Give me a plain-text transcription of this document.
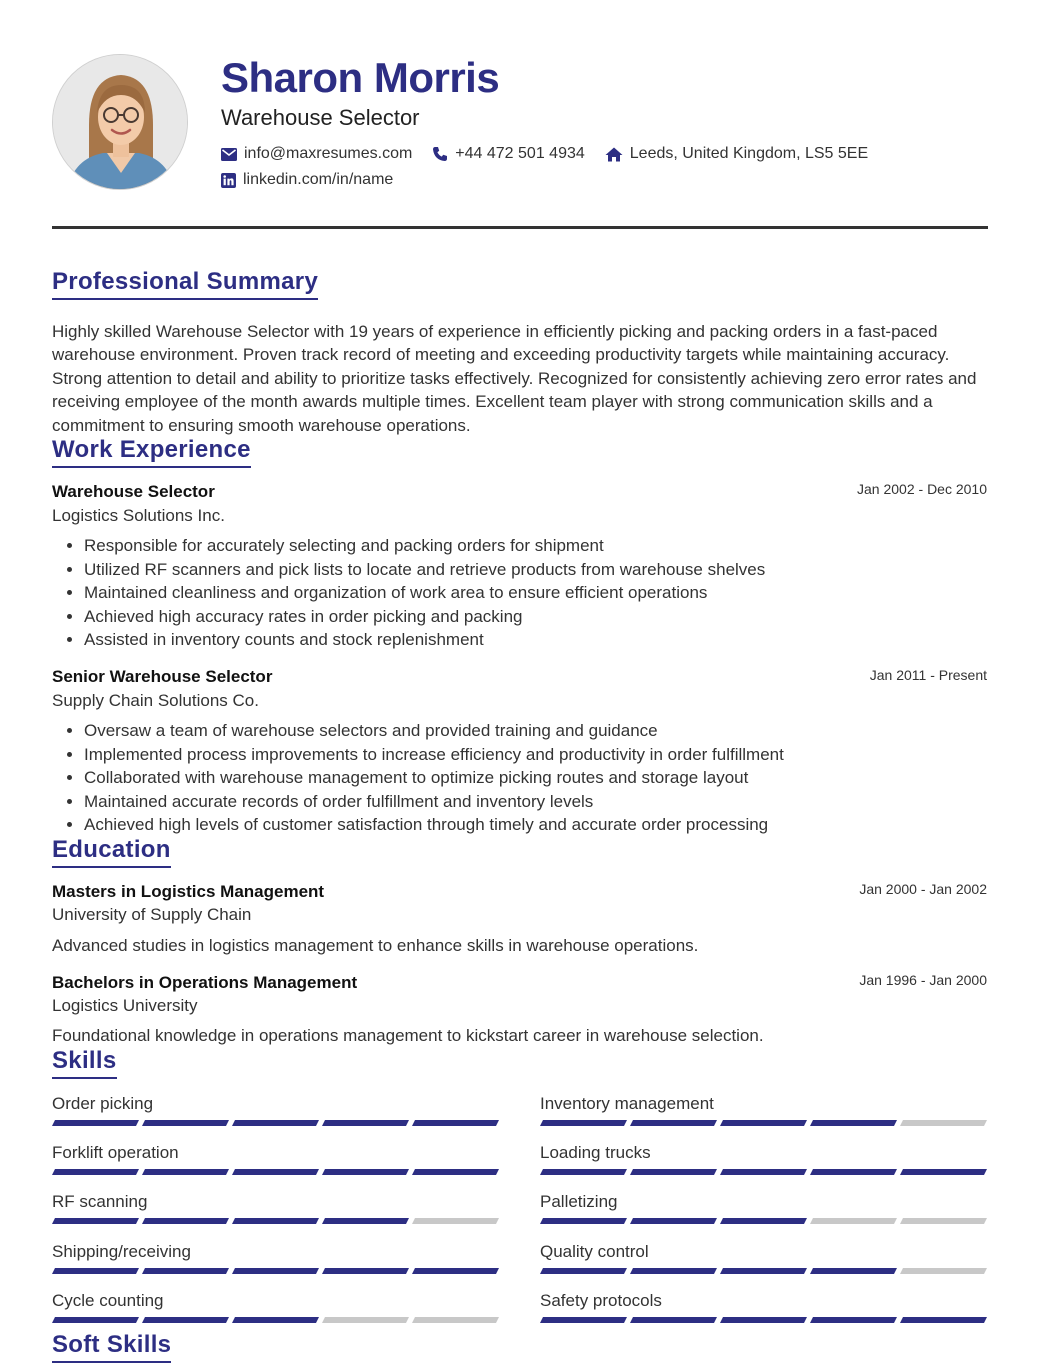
Sharon Morris

Warehouse Selector

info@maxresumes.com	+44 472 501 4934	Leeds, United Kingdom, LS5 5EE
linkedin.com/in/name
Professional Summary

Highly skilled Warehouse Selector with 19 years of experience in efficiently picking and packing orders in a fast-paced warehouse environment. Proven track record of meeting and exceeding productivity targets while maintaining accuracy. Strong attention to detail and ability to prioritize tasks effectively. Recognized for consistently achieving zero error rates and receiving employee of the month awards multiple times. Excellent team player with strong communication skills and a commitment to ensuring smooth warehouse operations.

Work Experience

Warehouse Selector	Jan 2002 - Dec 2010

Logistics Solutions Inc.

• Responsible for accurately selecting and packing orders for shipment
• Utilized RF scanners and pick lists to locate and retrieve products from warehouse shelves
• Maintained cleanliness and organization of work area to ensure efficient operations
• Achieved high accuracy rates in order picking and packing
• Assisted in inventory counts and stock replenishment

Senior Warehouse Selector	Jan 2011 - Present

Supply Chain Solutions Co.

• Oversaw a team of warehouse selectors and provided training and guidance
• Implemented process improvements to increase efficiency and productivity in order fulfillment
• Collaborated with warehouse management to optimize picking routes and storage layout
• Maintained accurate records of order fulfillment and inventory levels
• Achieved high levels of customer satisfaction through timely and accurate order processing
Education

Masters in Logistics Management	Jan 2000 - Jan 2002

University of Supply Chain

Advanced studies in logistics management to enhance skills in warehouse operations.

Bachelors in Operations Management	Jan 1996 - Jan 2000

Logistics University

Foundational knowledge in operations management to kickstart career in warehouse selection.

Skills

Order picking	Inventory management

Forklift operation	Loading trucks

RF scanning	Palletizing

Shipping/receiving	Quality control

Cycle counting	Safety protocols

Soft Skills
